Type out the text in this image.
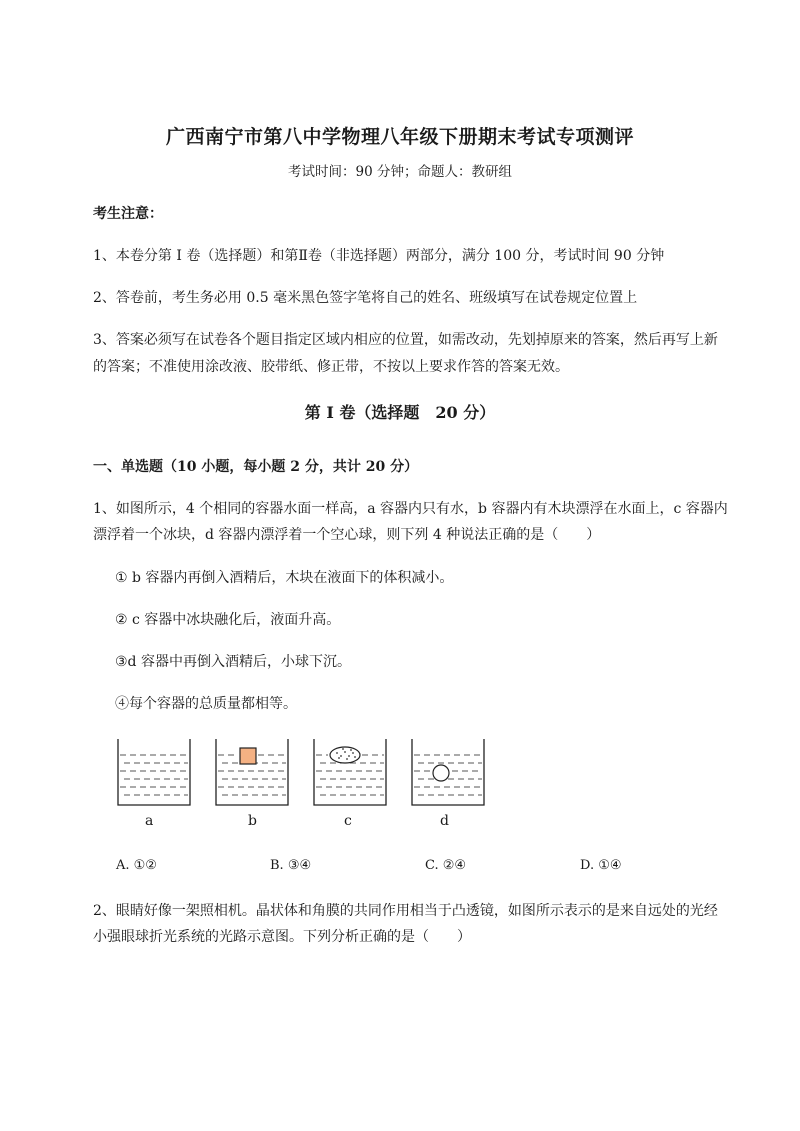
广西南宁市第八中学物理八年级下册期末考试专项测评
考试时间：90 分钟；命题人：教研组
考生注意：
1、本卷分第 I 卷（选择题）和第Ⅱ卷（非选择题）两部分，满分 100 分，考试时间 90 分钟
2、答卷前，考生务必用 0.5 毫米黑色签字笔将自己的姓名、班级填写在试卷规定位置上
3、答案必须写在试卷各个题目指定区域内相应的位置，如需改动，先划掉原来的答案，然后再写上新
的答案；不准使用涂改液、胶带纸、修正带，不按以上要求作答的答案无效。
第 I 卷（选择题　20 分）
一、单选题（10 小题，每小题 2 分，共计 20 分）
1、如图所示，4 个相同的容器水面一样高，a 容器内只有水，b 容器内有木块漂浮在水面上，c 容器内
漂浮着一个冰块，d 容器内漂浮着一个空心球，则下列 4 种说法正确的是（　　）
① b 容器内再倒入酒精后，木块在液面下的体积减小。
② c 容器中冰块融化后，液面升高。
③d 容器中再倒入酒精后，小球下沉。
④每个容器的总质量都相等。
a	b	c	d
A. ①②	B. ③④	C. ②④	D. ①④
2、眼睛好像一架照相机。晶状体和角膜的共同作用相当于凸透镜，如图所示表示的是来自远处的光经
小强眼球折光系统的光路示意图。下列分析正确的是（　　）
